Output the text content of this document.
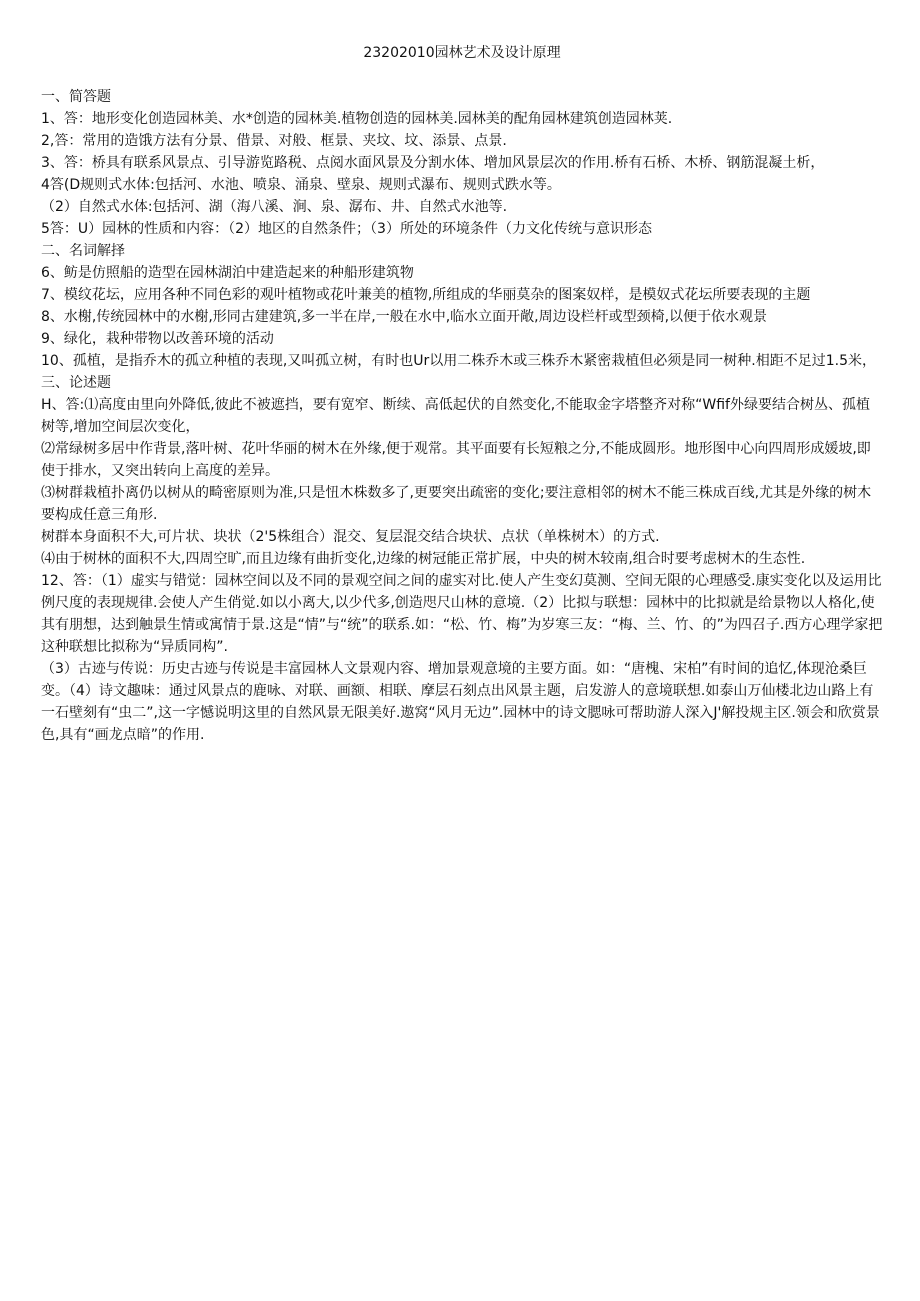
23202010园林艺术及设计原理

一、简答题

1、答：地形变化创造园林美、水*创造的园林美.植物创造的园林美.园林美的配角园林建筑创造园林荚.

2,答：常用的造饿方法有分景、借景、对般、框景、夹坟、坟、添景、点景.

3、答：桥具有联系风景点、引导游览路税、点阅水面风景及分割水体、增加风景层次的作用.桥有石桥、木桥、钢筋混凝土析，

4答(D规则式水体:包括河、水池、喷泉、涌泉、壁泉、规则式瀑布、规则式跌水等。

（2）自然式水体:包括河、湖（海八溪、涧、泉、潺布、井、自然式水池等.

5答：U）园林的性质和内容：（2）地区的自然条件；（3）所处的环境条件（力文化传统与意识形态

二、名词解择

6、鲂是仿照船的造型在园林湖泊中建造起来的种船形建筑物

7、模纹花坛，应用各种不同色彩的观叶植物或花叶兼美的植物,所组成的华丽莫杂的图案奴样，是模奴式花坛所要表现的主题

8、水榭,传统园林中的水榭,形同古建建筑,多一半在岸,一般在水中,临水立面开敞,周边设栏杆或型颈椅,以便于依水观景

9、绿化，栽种带物以改善环境的活动

10、孤植，是指乔木的孤立种植的表现,又叫孤立树，有时也Ur以用二株乔木或三株乔木紧密栽植但必须是同一树种.相距不足过1.5米，

三、论述题

H、答:⑴高度由里向外降低,彼此不被遮挡，要有宽窄、断续、高低起伏的自然变化,不能取金字塔整齐对称“Wfif外绿要结合树丛、孤植树等,增加空间层次变化，

⑵常绿树多居中作背景,落叶树、花叶华丽的树木在外缘,便于观常。其平面要有长短粮之分,不能成圆形。地形图中心向四周形成媛坡,即使于排水，又突出转向上高度的差异。

⑶树群栽植扑离仍以树从的畸密原则为准,只是忸木株数多了,更要突出疏密的变化;要注意相邻的树木不能三株成百线,尤其是外缘的树木要构成任意三角形.

树群本身面积不大,可片状、块状（2'5株组合）混交、复层混交结合块状、点状（单株树木）的方式.

⑷由于树林的面积不大,四周空旷,而且边缘有曲折变化,边缘的树冠能正常扩展，中央的树木较南,组合时要考虑树木的生态性.

12、答：（1）虚实与错觉：园林空间以及不同的景观空间之间的虚实对比.使人产生变幻莫测、空间无限的心理感受.康实变化以及运用比例尺度的表现规律.会使人产生俏觉.如以小离大,以少代多,创造咫尺山林的意境.（2）比拟与联想：园林中的比拟就是给景物以人格化,使其有朋想，达到触景生情或寓情于景.这是“情”与“统”的联系.如：“松、竹、梅”为岁寒三友：“梅、兰、竹、的”为四召子.西方心理学家把这种联想比拟称为“异质同构”.

（3）古迹与传说：历史古迹与传说是丰富园林人文景观内容、增加景观意境的主要方面。如：“唐槐、宋柏”有时间的追忆,体现沧桑巨变。（4）诗文趣味：通过风景点的鹿咏、对联、画额、相联、摩层石刻点出风景主题，启发游人的意境联想.如泰山万仙楼北边山路上有一石壁刻有“虫二”,这一字憾说明这里的自然风景无限美好.遨窝“风月无边”.园林中的诗文腮咏可帮助游人深入J'解投规主区.领会和欣赏景色,具有“画龙点暗”的作用.
